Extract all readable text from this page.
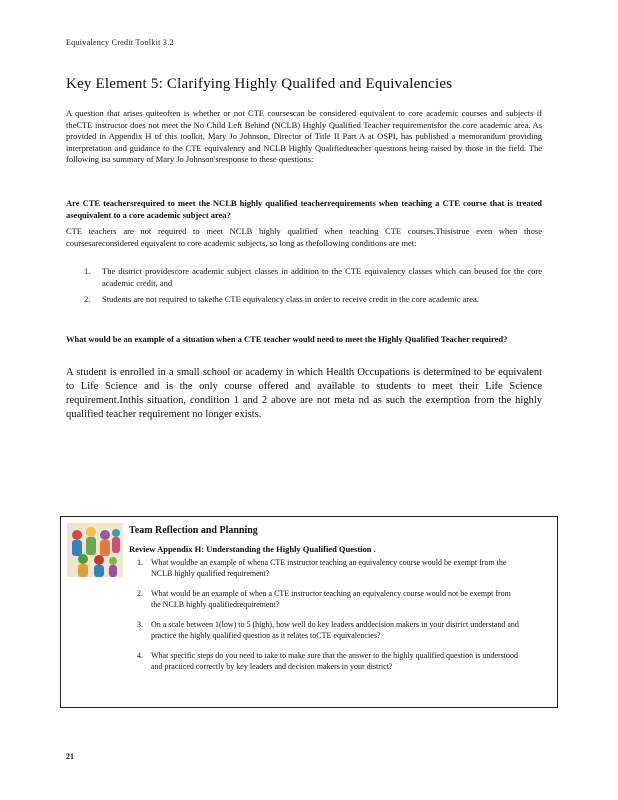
Equivalency Credit Toolkit 3.2
Key Element 5: Clarifying Highly Qualifed and Equivalencies
A question that arises quiteoften is whether or not CTE coursescan be considered equivalent to core academic courses and subjects if theCTE instructor does not meet the No Child Left Behind (NCLB) Highly Qualified Teacher requirementsfor the core academic area. As provided in Appendix H of this toolkit, Mary Jo Johnson, Director of Title II Part A at OSPI, has published a memorandum providing interpretation and guidance to the CTE equivalency and NCLB Highly Qualifiedteacher questions being raised by those in the field. The following isa summary of Mary Jo Johnson'sresponse to these questions:
Are CTE teachersrequired to meet the NCLB highly qualified teacherrequirements when teaching a CTE course that is treated asequivalent to a core academic subject area?
CTE teachers are not required to meet NCLB highly qualified when teaching CTE courses.Thisistrue even when those coursesareconsidered equivalent to core academic subjects, so long as thefollowing conditions are met:
1. The district providescore academic subject classes in addition to the CTE equivalency classes which can beused for the core academic credit, and
2. Students are not required to takethe CTE equivalency class in order to receive credit in the core academic area.
What would be an example of a situation when a CTE teacher would need to meet the Highly Qualified Teacher required?
A student is enrolled in a small school or academy in which Health Occupations is determined to be equivalent to Life Science and is the only course offered and available to students to meet their Life Science requirement.Inthis situation, condition 1 and 2 above are not meta nd as such the exemption from the highly qualified teacher requirement no longer exists.
Team Reflection and Planning
Review Appendix H: Understanding the Highly Qualified Question .
1. What wouldbe an example of whena CTE instructor teaching an equivalency course would be exempt from the NCLB highly qualified requirement?
2. What would be an example of when a CTE instructor teaching an equivalency course would not be exempt from the NCLB highly qualifiedrequirement?
3. On a scale between 1(low) to 5 (high), how well do key leaders anddecision makers in your district understand and practice the highly qualified question as it relates toCTE equivalencies?
4. What specific steps do you need to take to make sure that the answer to the highly qualified question is understood and practiced correctly by key leaders and decision makers in your district?
21
